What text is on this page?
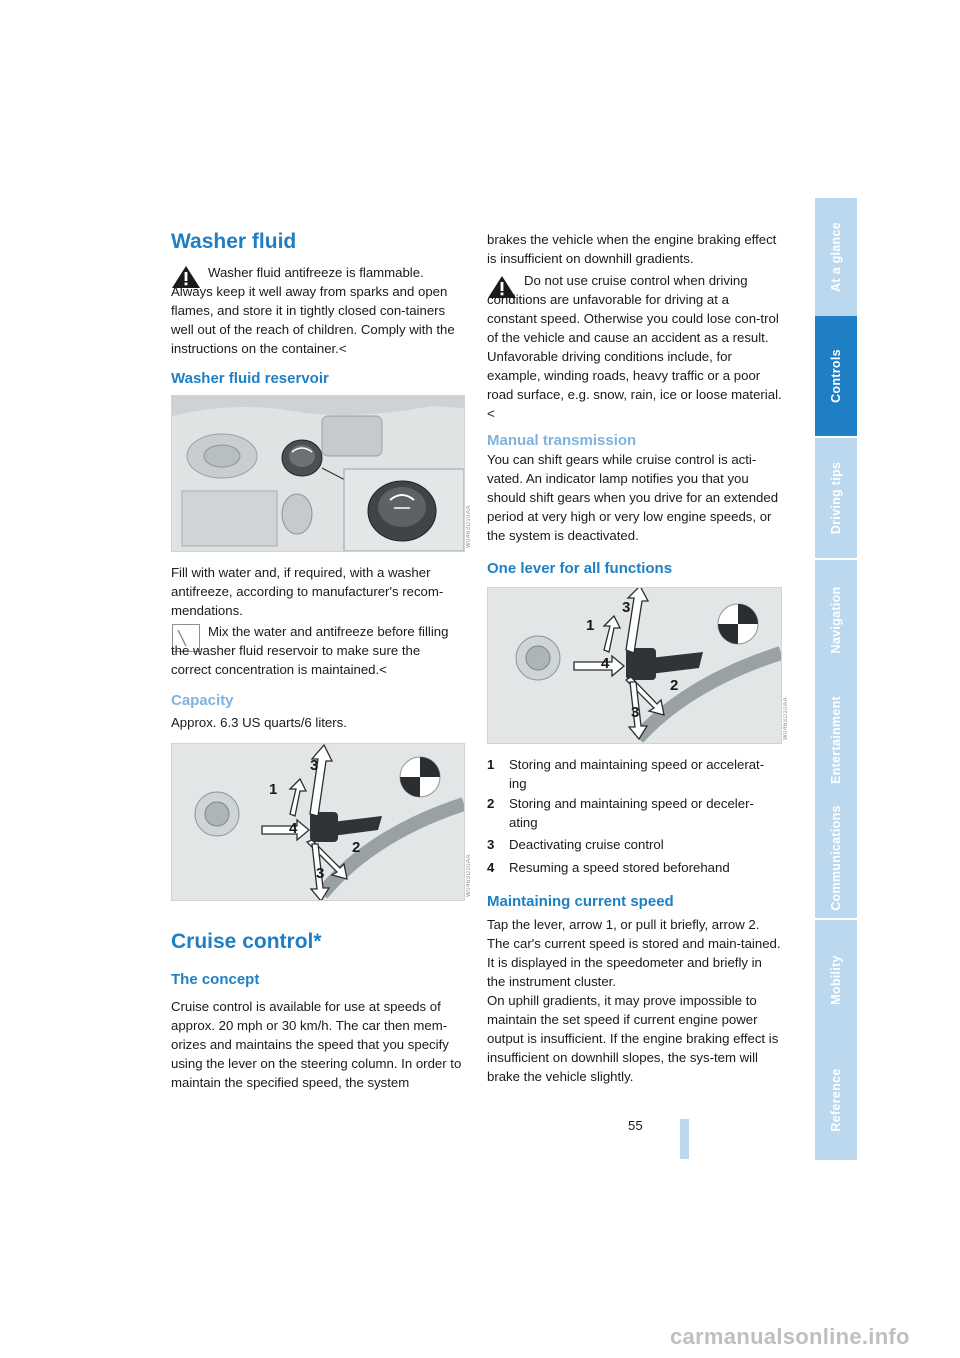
At a glance
Controls
Driving tips
Navigation
Entertainment
Communications
Mobility
Reference
Washer fluid

Washer fluid antifreeze is flammable. Always keep it well away from sparks and open flames, and store it in tightly closed con-tainers well out of the reach of children. Comply with the instructions on the container.<

Washer fluid reservoir
W0463D10AA

Fill with water and, if required, with a washer antifreeze, according to manufacturer's recom-mendations.

Mix the water and antifreeze before filling the washer fluid reservoir to make sure the correct concentration is maintained.<

Capacity

Approx. 6.3 US quarts/6 liters.

3
1
4
2
3	W0463D10AA
Cruise control*
The concept

Cruise control is available for use at speeds of approx. 20 mph or 30 km/h. The car then mem-orizes and maintains the speed that you specify using the lever on the steering column. In order to maintain the specified speed, the system

brakes the vehicle when the engine braking effect is insufficient on downhill gradients.

Do not use cruise control when driving conditions are unfavorable for driving at a constant speed. Otherwise you could lose con-trol of the vehicle and cause an accident as a result. Unfavorable driving conditions include, for example, winding roads, heavy traffic or a poor road surface, e.g. snow, rain, ice or loose material.<

Manual transmission

You can shift gears while cruise control is acti-vated. An indicator lamp notifies you that you should shift gears when you drive for an extended period at very high or very low engine speeds, or the system is deactivated.

One lever for all functions
3
1
4
2
3	W0463D10AA
1 Storing and maintaining speed or accelerat-ing
2 Storing and maintaining speed or deceler-ating
3 Deactivating cruise control
4 Resuming a speed stored beforehand
Maintaining current speed

Tap the lever, arrow 1, or pull it briefly, arrow 2. The car's current speed is stored and main-tained. It is displayed in the speedometer and briefly in the instrument cluster.

On uphill gradients, it may prove impossible to maintain the set speed if current engine power output is insufficient. If the engine braking effect is insufficient on downhill slopes, the sys-tem will brake the vehicle slightly.

55
carmanualsonline.info
